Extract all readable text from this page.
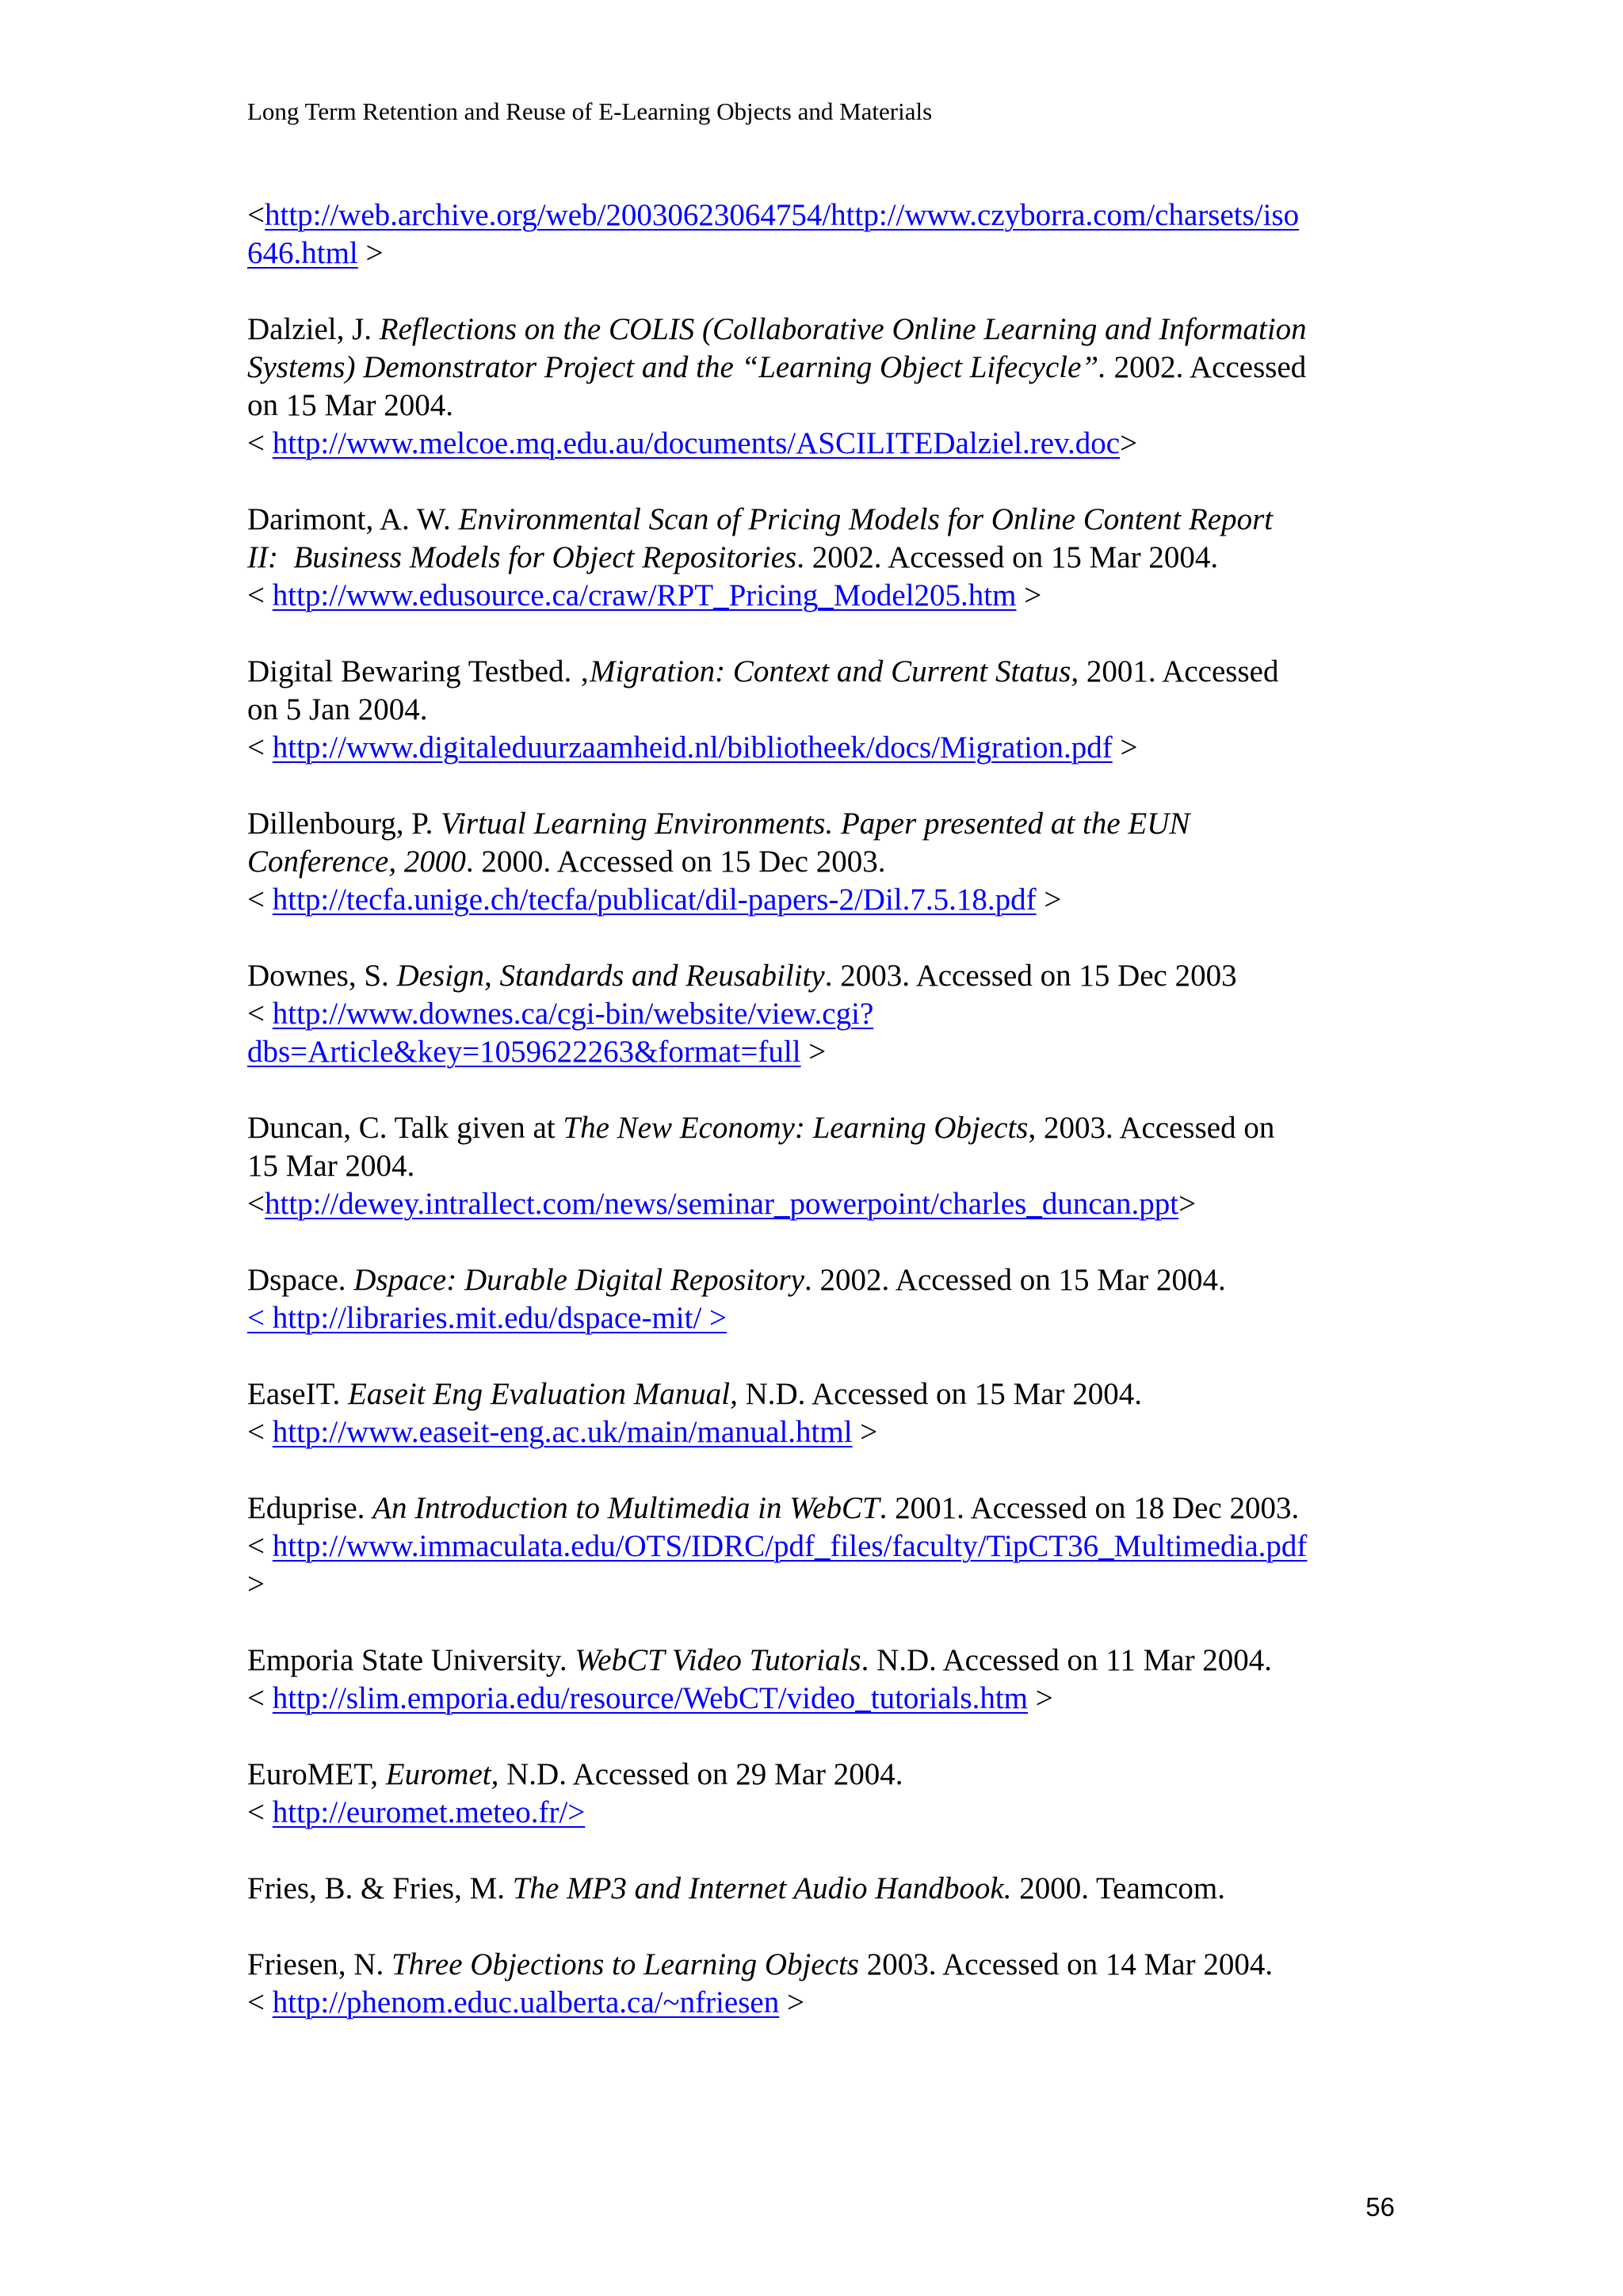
Long Term Retention and Reuse of E-Learning Objects and Materials

<http://web.archive.org/web/20030623064754/http://www.czyborra.com/charsets/iso
646.html >

Dalziel, J. Reflections on the COLIS (Collaborative Online Learning and Information

Systems) Demonstrator Project and the “Learning Object Lifecycle”. 2002. Accessed

on 15 Mar 2004.

< http://www.melcoe.mq.edu.au/documents/ASCILITEDalziel.rev.doc>

Darimont, A. W. Environmental Scan of Pricing Models for Online Content Report

II:  Business Models for Object Repositories. 2002. Accessed on 15 Mar 2004.

< http://www.edusource.ca/craw/RPT_Pricing_Model205.htm >

Digital Bewaring Testbed. ‚Migration: Context and Current Status, 2001. Accessed

on 5 Jan 2004.

< http://www.digitaleduurzaamheid.nl/bibliotheek/docs/Migration.pdf >

Dillenbourg, P. Virtual Learning Environments. Paper presented at the EUN

Conference, 2000. 2000. Accessed on 15 Dec 2003.

< http://tecfa.unige.ch/tecfa/publicat/dil-papers-2/Dil.7.5.18.pdf >

Downes, S. Design, Standards and Reusability. 2003. Accessed on 15 Dec 2003

< http://www.downes.ca/cgi-bin/website/view.cgi?
dbs=Article&key=1059622263&format=full >

Duncan, C. Talk given at The New Economy: Learning Objects, 2003. Accessed on

15 Mar 2004.

<http://dewey.intrallect.com/news/seminar_powerpoint/charles_duncan.ppt>

Dspace. Dspace: Durable Digital Repository. 2002. Accessed on 15 Mar 2004.

< http://libraries.mit.edu/dspace-mit/ >

EaseIT. Easeit Eng Evaluation Manual, N.D. Accessed on 15 Mar 2004.

< http://www.easeit-eng.ac.uk/main/manual.html >

Eduprise. An Introduction to Multimedia in WebCT. 2001. Accessed on 18 Dec 2003.

< http://www.immaculata.edu/OTS/IDRC/pdf_files/faculty/TipCT36_Multimedia.pdf
>

Emporia State University. WebCT Video Tutorials. N.D. Accessed on 11 Mar 2004.

< http://slim.emporia.edu/resource/WebCT/video_tutorials.htm >

EuroMET, Euromet, N.D. Accessed on 29 Mar 2004.

< http://euromet.meteo.fr/>

Fries, B. & Fries, M. The MP3 and Internet Audio Handbook. 2000. Teamcom.

Friesen, N. Three Objections to Learning Objects 2003. Accessed on 14 Mar 2004.

< http://phenom.educ.ualberta.ca/~nfriesen >

56
